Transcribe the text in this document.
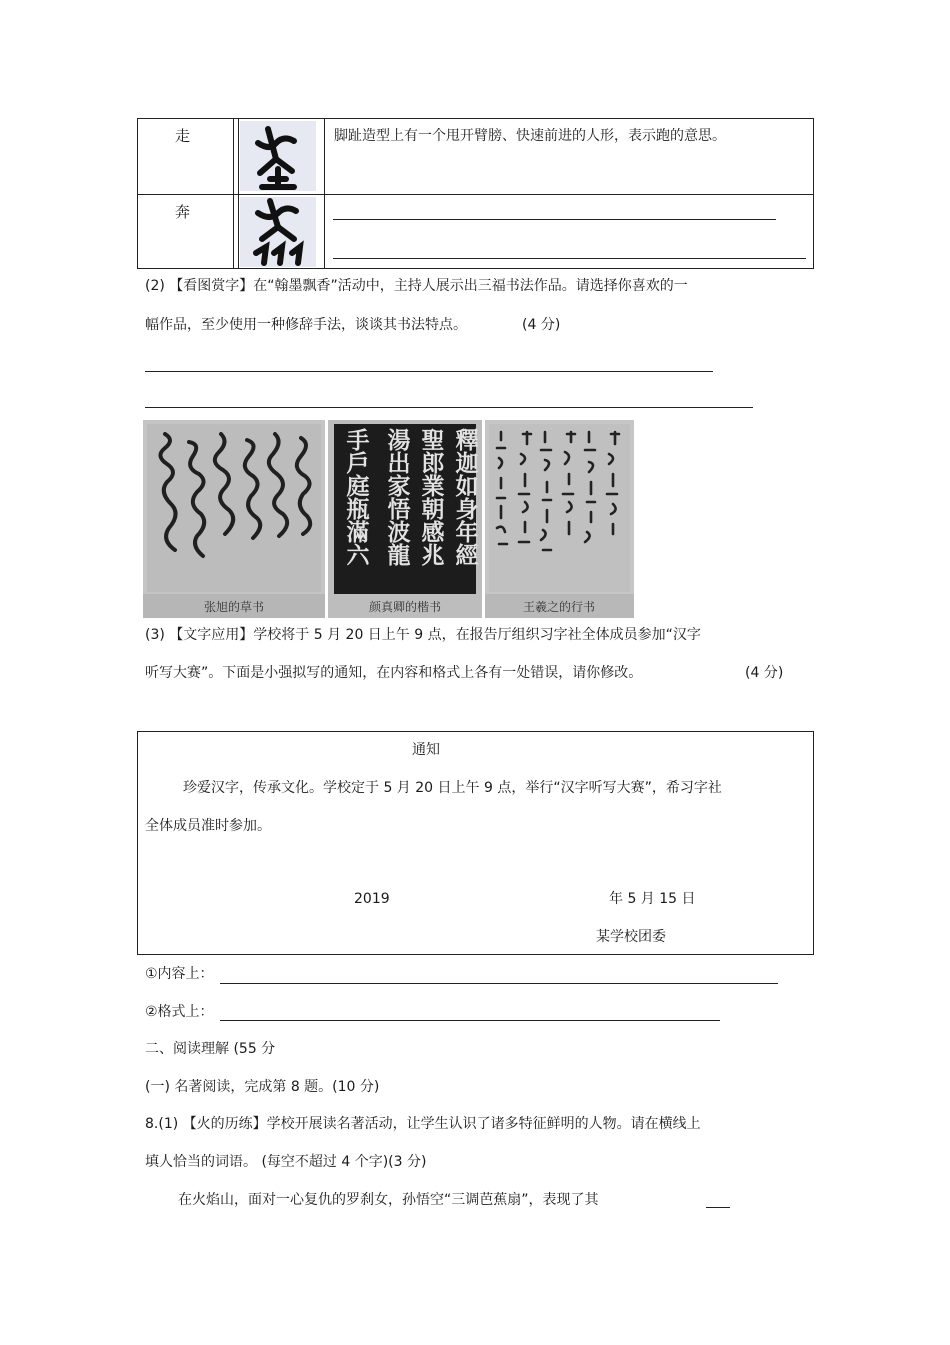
走	脚趾造型上有一个甩开臂膀、快速前进的人形，表示跑的意思。
奔
(2) 【看图赏字】在“翰墨飘香”活动中，主持人展示出三福书法作品。请选择你喜欢的一
幅作品，至少使用一种修辞手法，谈谈其书法特点。	(4 分)
张旭的草书
釋迦如身年經
聖郎業朝感兆
湯出家悟波龍
手戶庭瓶滿六
颜真卿的楷书	王羲之的行书
(3) 【文字应用】学校将于 5 月 20 日上午 9 点，在报告厅组织习字社全体成员参加“汉字
听写大赛”。下面是小强拟写的通知，在内容和格式上各有一处错误，请你修改。	(4 分)
通知
珍爱汉字，传承文化。学校定于 5 月 20 日上午 9 点，举行“汉字听写大赛”，希习字社
全体成员准时参加。
2019	年 5 月 15 日
某学校团委
①内容上：
②格式上：
二、阅读理解 (55 分
(一) 名著阅读，完成第 8 题。(10 分)
8.(1) 【火的历练】学校开展读名著活动，让学生认识了诸多特征鲜明的人物。请在横线上
填人恰当的词语。 (每空不超过 4 个字)(3 分)
在火焰山，面对一心复仇的罗刹女，孙悟空“三调芭蕉扇”，表现了其
